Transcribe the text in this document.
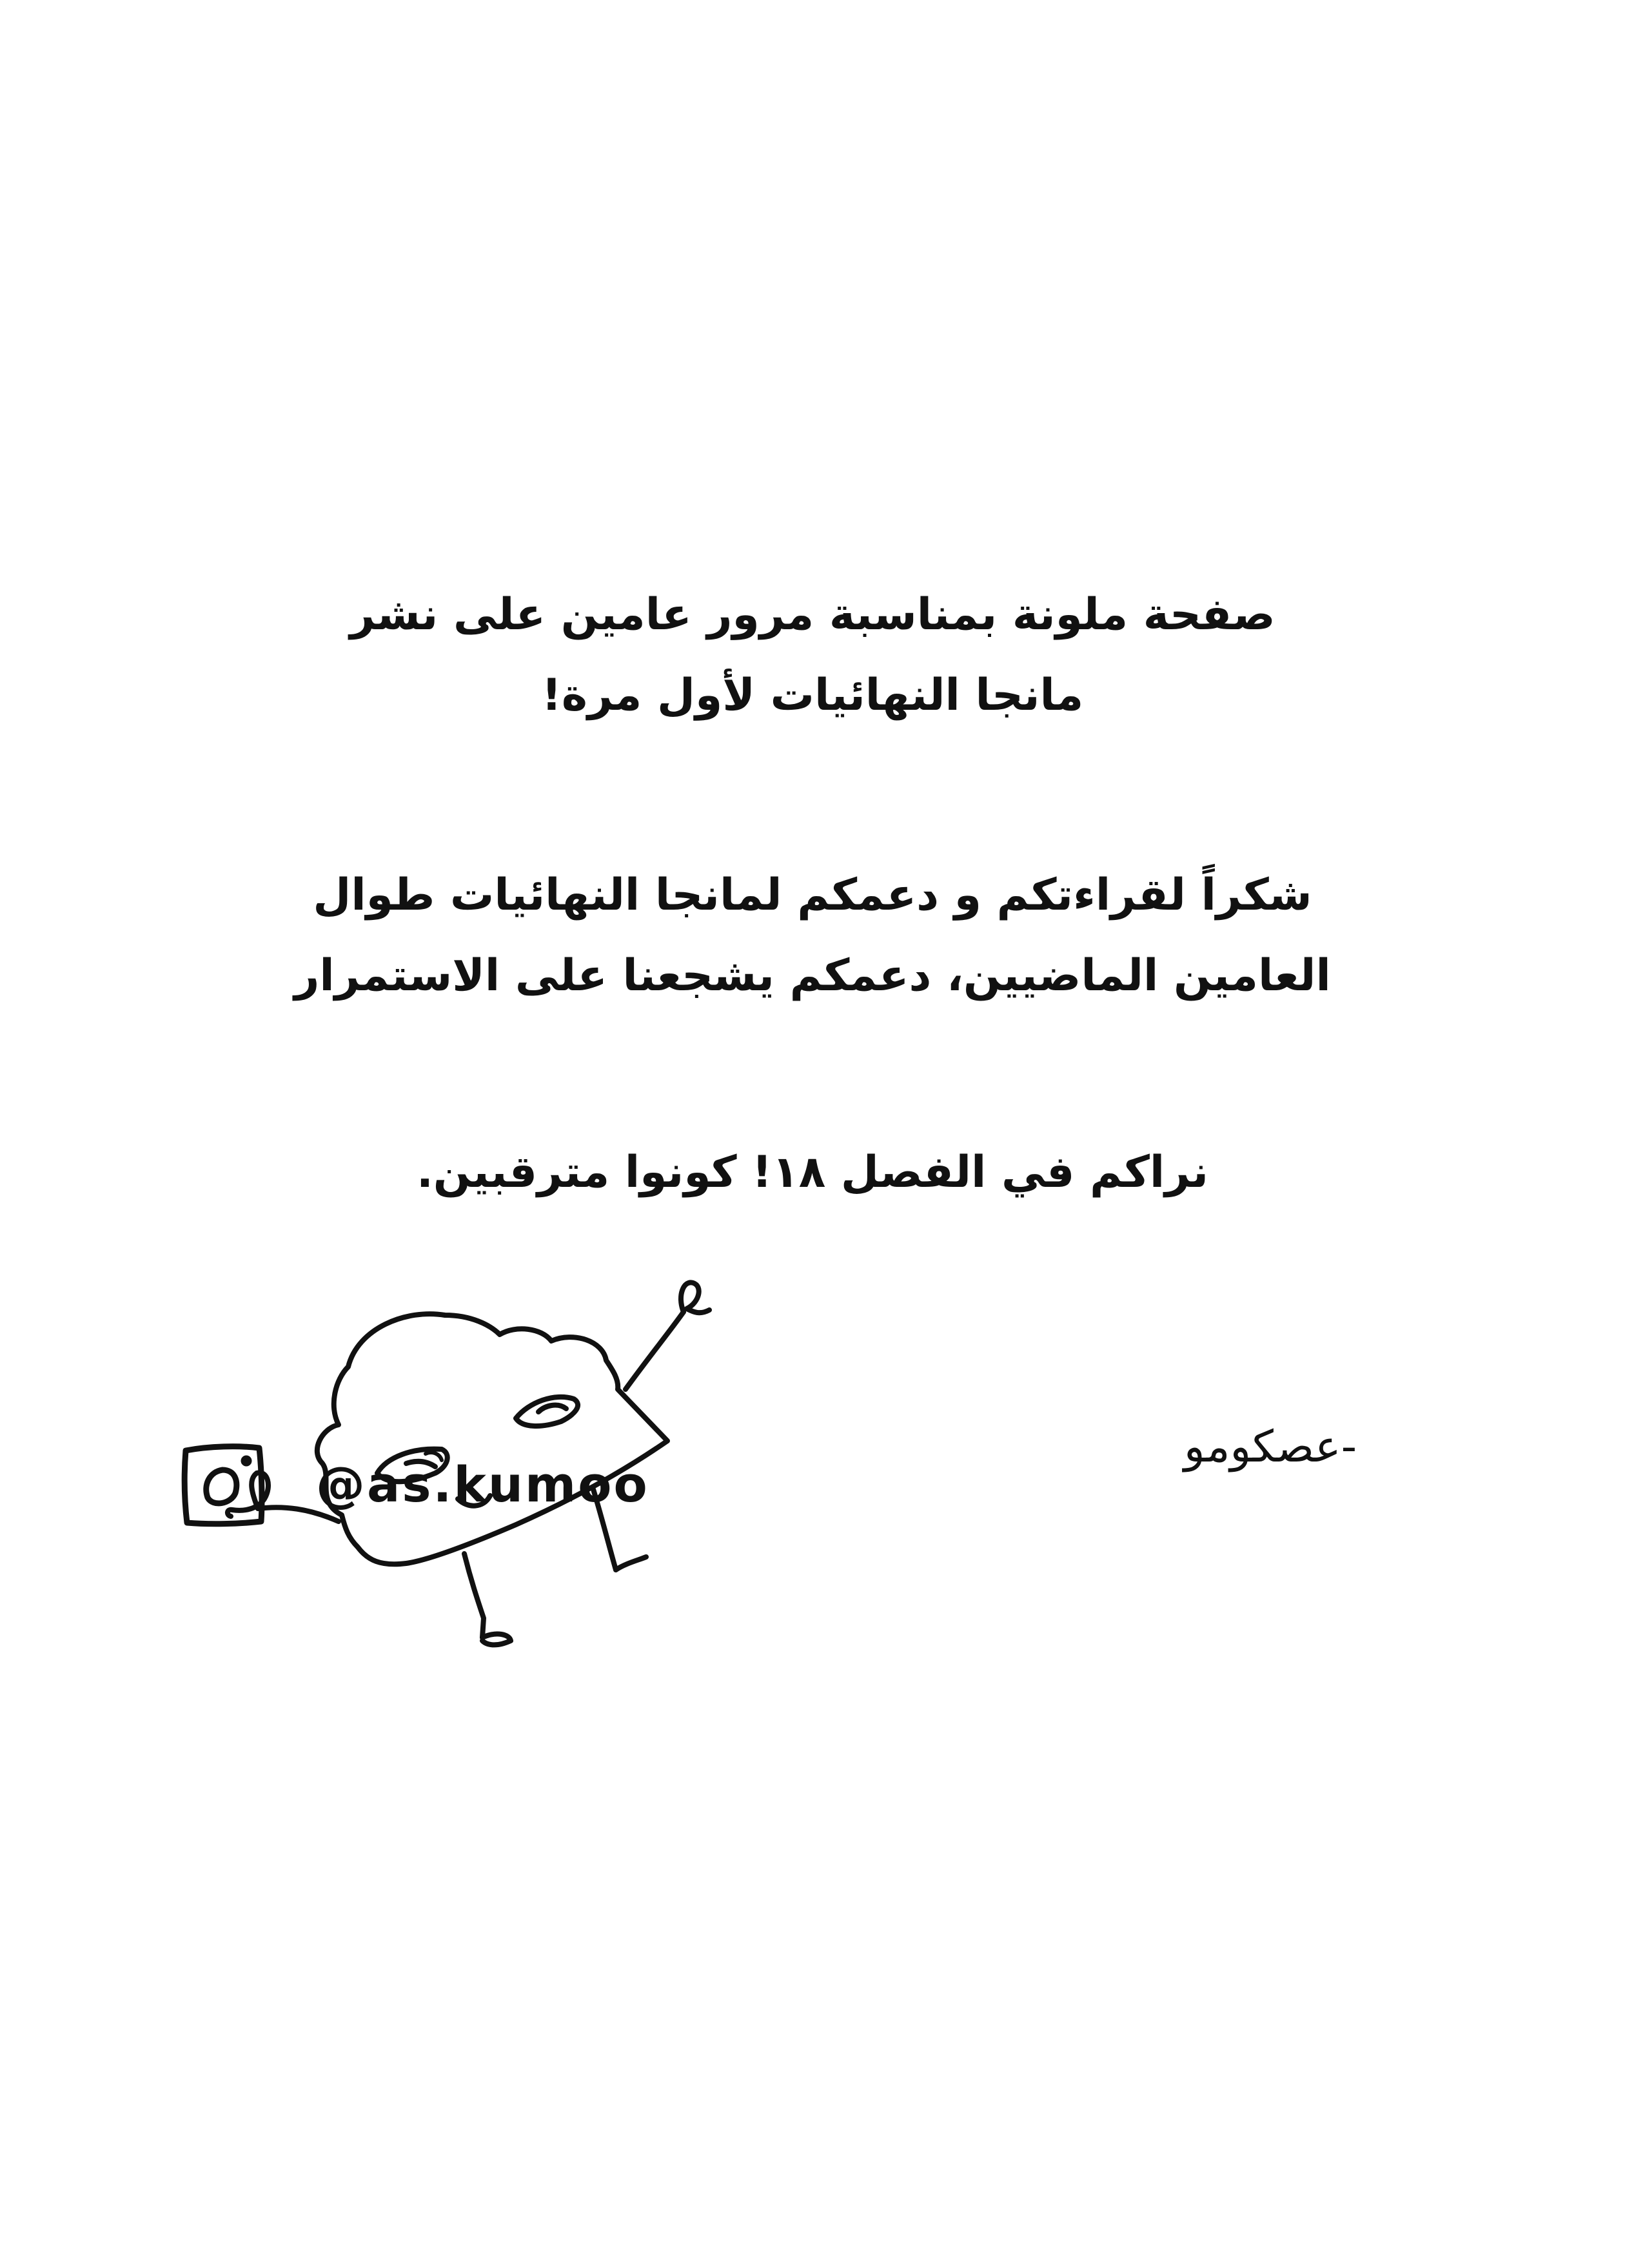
صفحة ملونة بمناسبة مرور عامين على نشر
مانجا النهائيات لأول مرة!
شكراً لقراءتكم و دعمكم لمانجا النهائيات طوال
العامين الماضيين، دعمكم يشجعنا على الاستمرار
نراكم في الفصل ١٨! كونوا مترقبين.
-عصكومو
@as.kumoo
